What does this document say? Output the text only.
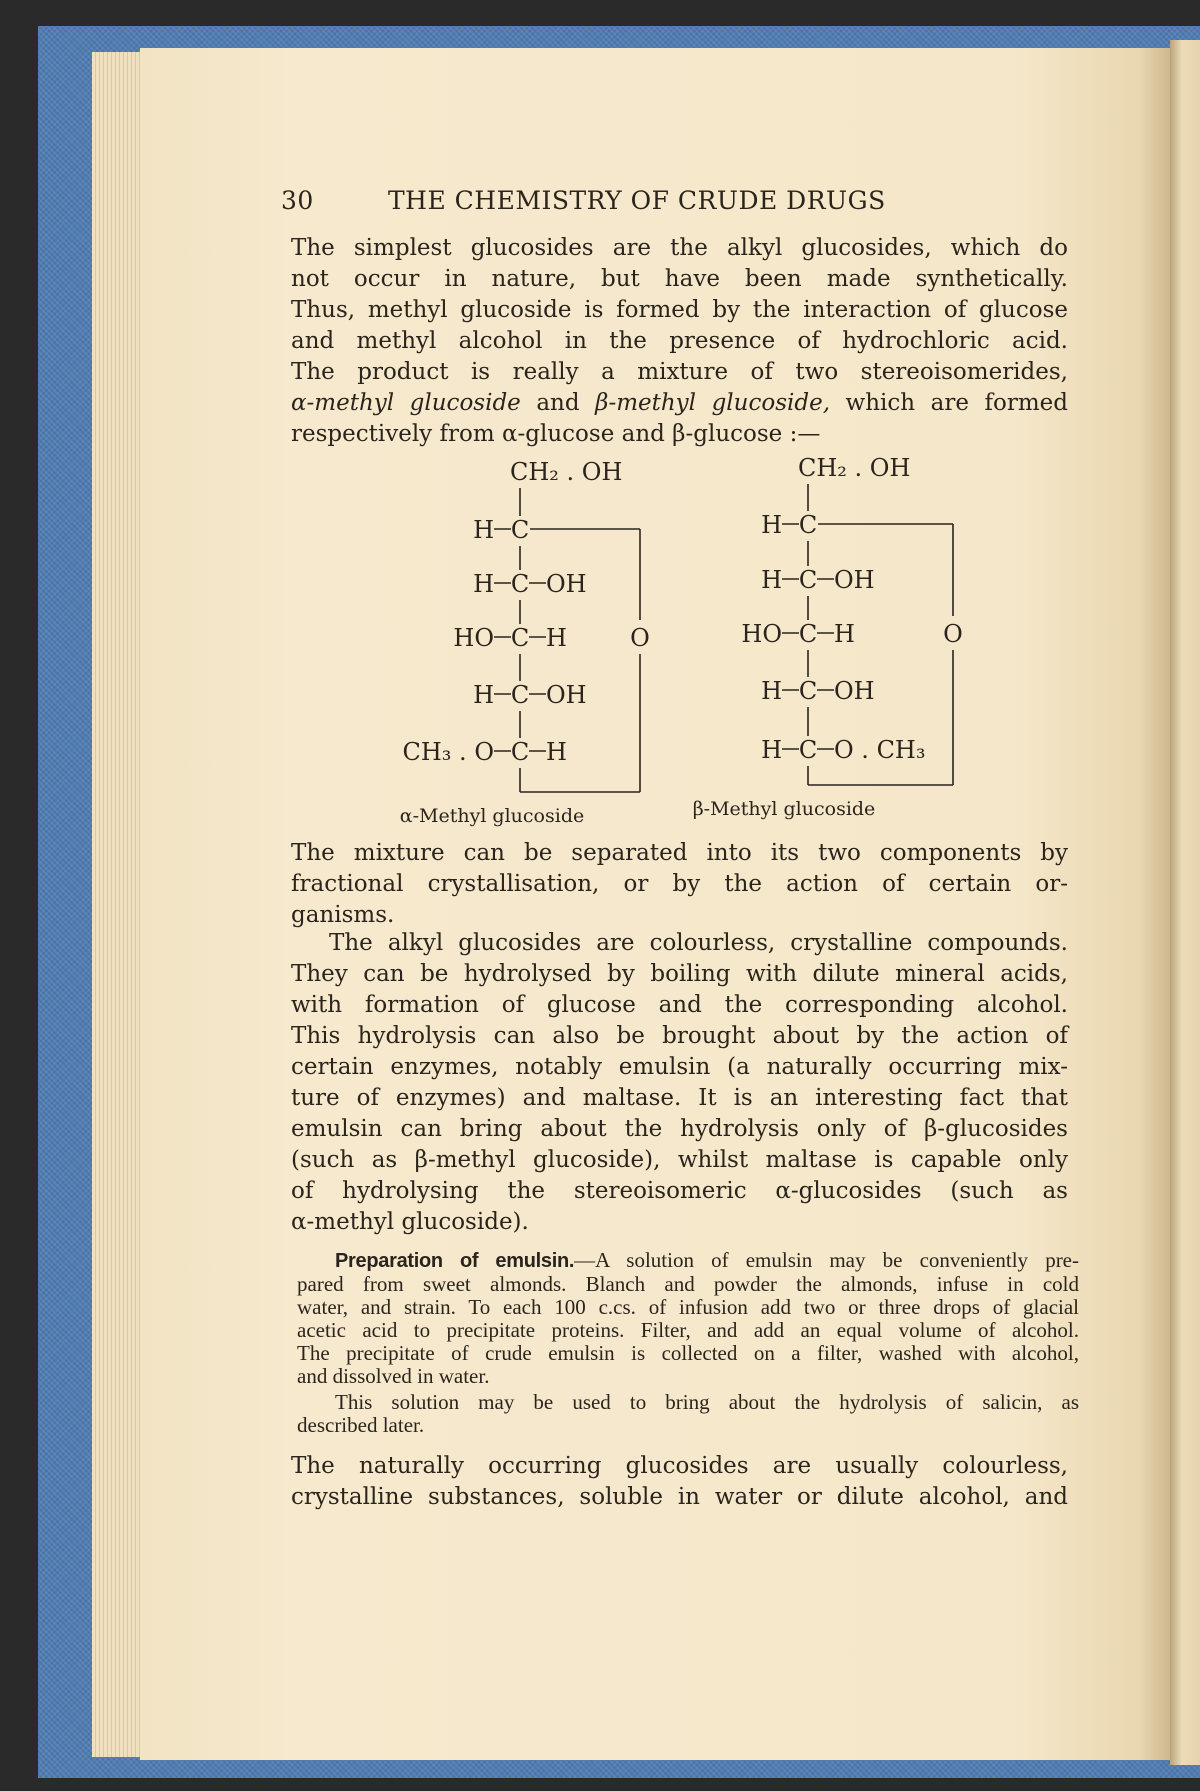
30	THE CHEMISTRY OF CRUDE DRUGS
The simplest glucosides are the alkyl glucosides, which do
not occur in nature, but have been made synthetically.
Thus, methyl glucoside is formed by the interaction of glucose
and methyl alcohol in the presence of hydrochloric acid.
The product is really a mixture of two stereoisomerides,
α-methyl glucoside and β-methyl glucoside, which are formed
respectively from α-glucose and β-glucose :—
CH₂ . OH
C
H
C
H OH
C
HO H
C
H OH
C
CH₃ . O H
O
α-Methyl glucoside
CH₂ . OH
C
H
C
H OH
C
HO H
C
H OH
C
H O . CH₃
O
β-Methyl glucoside
The mixture can be separated into its two components by
fractional crystallisation, or by the action of certain or-
ganisms.
The alkyl glucosides are colourless, crystalline compounds.
They can be hydrolysed by boiling with dilute mineral acids,
with formation of glucose and the corresponding alcohol.
This hydrolysis can also be brought about by the action of
certain enzymes, notably emulsin (a naturally occurring mix-
ture of enzymes) and maltase. It is an interesting fact that
emulsin can bring about the hydrolysis only of β-glucosides
(such as β-methyl glucoside), whilst maltase is capable only
of hydrolysing the stereoisomeric α-glucosides (such as
α-methyl glucoside).
Preparation of emulsin.—A solution of emulsin may be conveniently pre-
pared from sweet almonds. Blanch and powder the almonds, infuse in cold
water, and strain. To each 100 c.cs. of infusion add two or three drops of glacial
acetic acid to precipitate proteins. Filter, and add an equal volume of alcohol.
The precipitate of crude emulsin is collected on a filter, washed with alcohol,
and dissolved in water.
This solution may be used to bring about the hydrolysis of salicin, as
described later.
The naturally occurring glucosides are usually colourless,
crystalline substances, soluble in water or dilute alcohol, and
